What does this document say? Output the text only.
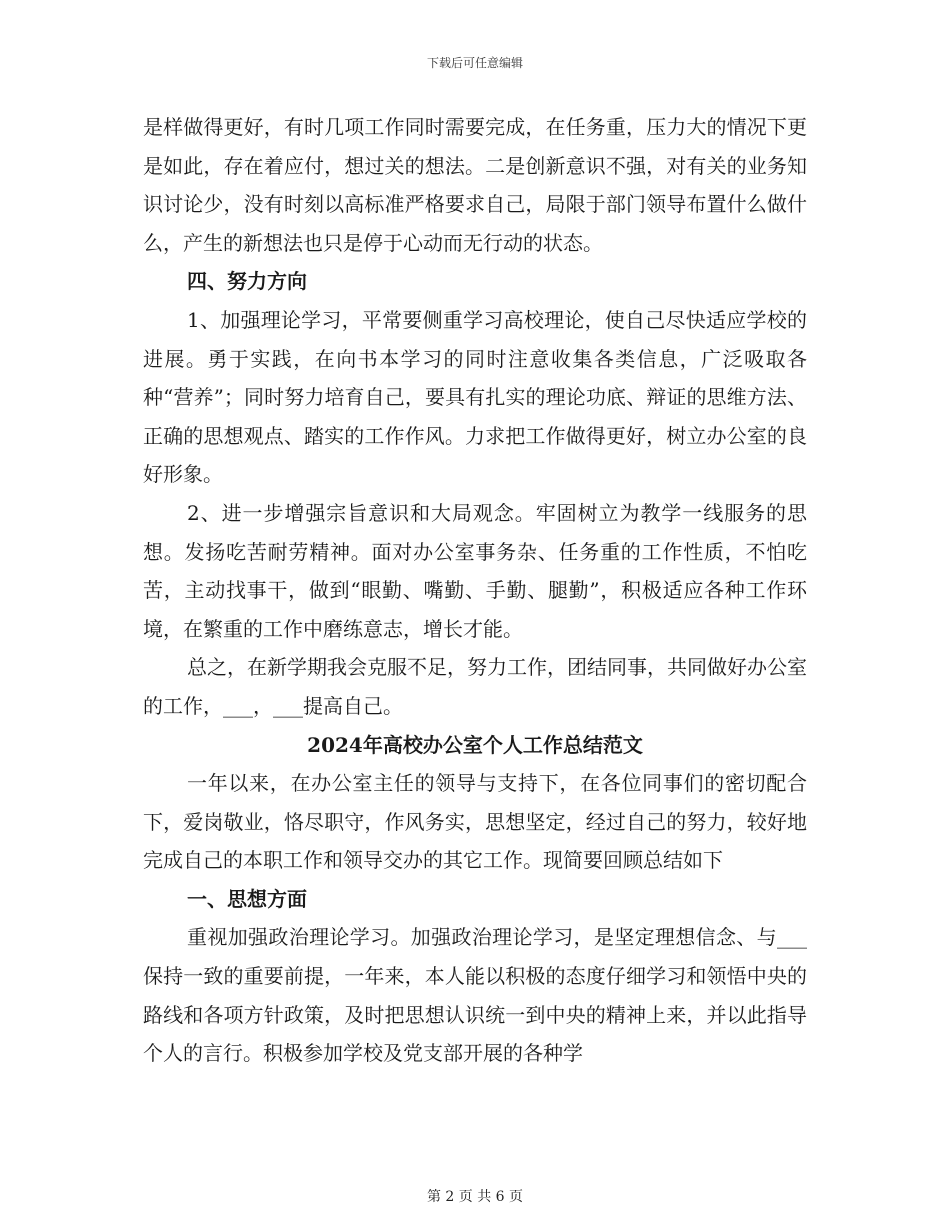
下载后可任意编辑

是样做得更好，有时几项工作同时需要完成，在任务重，压力大的情况下更是如此，存在着应付，想过关的想法。二是创新意识不强，对有关的业务知识讨论少，没有时刻以高标准严格要求自己，局限于部门领导布置什么做什么，产生的新想法也只是停于心动而无行动的状态。

四、努力方向

1、加强理论学习，平常要侧重学习高校理论，使自己尽快适应学校的进展。勇于实践，在向书本学习的同时注意收集各类信息，广泛吸取各种“营养”；同时努力培育自己，要具有扎实的理论功底、辩证的思维方法、正确的思想观点、踏实的工作作风。力求把工作做得更好，树立办公室的良好形象。

2、进一步增强宗旨意识和大局观念。牢固树立为教学一线服务的思想。发扬吃苦耐劳精神。面对办公室事务杂、任务重的工作性质，不怕吃苦，主动找事干，做到“眼勤、嘴勤、手勤、腿勤”，积极适应各种工作环境，在繁重的工作中磨练意志，增长才能。

总之，在新学期我会克服不足，努力工作，团结同事，共同做好办公室的工作，___，___提高自己。

2024年高校办公室个人工作总结范文

一年以来，在办公室主任的领导与支持下，在各位同事们的密切配合下，爱岗敬业，恪尽职守，作风务实，思想坚定，经过自己的努力，较好地完成自己的本职工作和领导交办的其它工作。现简要回顾总结如下

一、思想方面

重视加强政治理论学习。加强政治理论学习，是坚定理想信念、与___保持一致的重要前提，一年来，本人能以积极的态度仔细学习和领悟中央的路线和各项方针政策，及时把思想认识统一到中央的精神上来，并以此指导个人的言行。积极参加学校及党支部开展的各种学

第 2 页 共 6 页
